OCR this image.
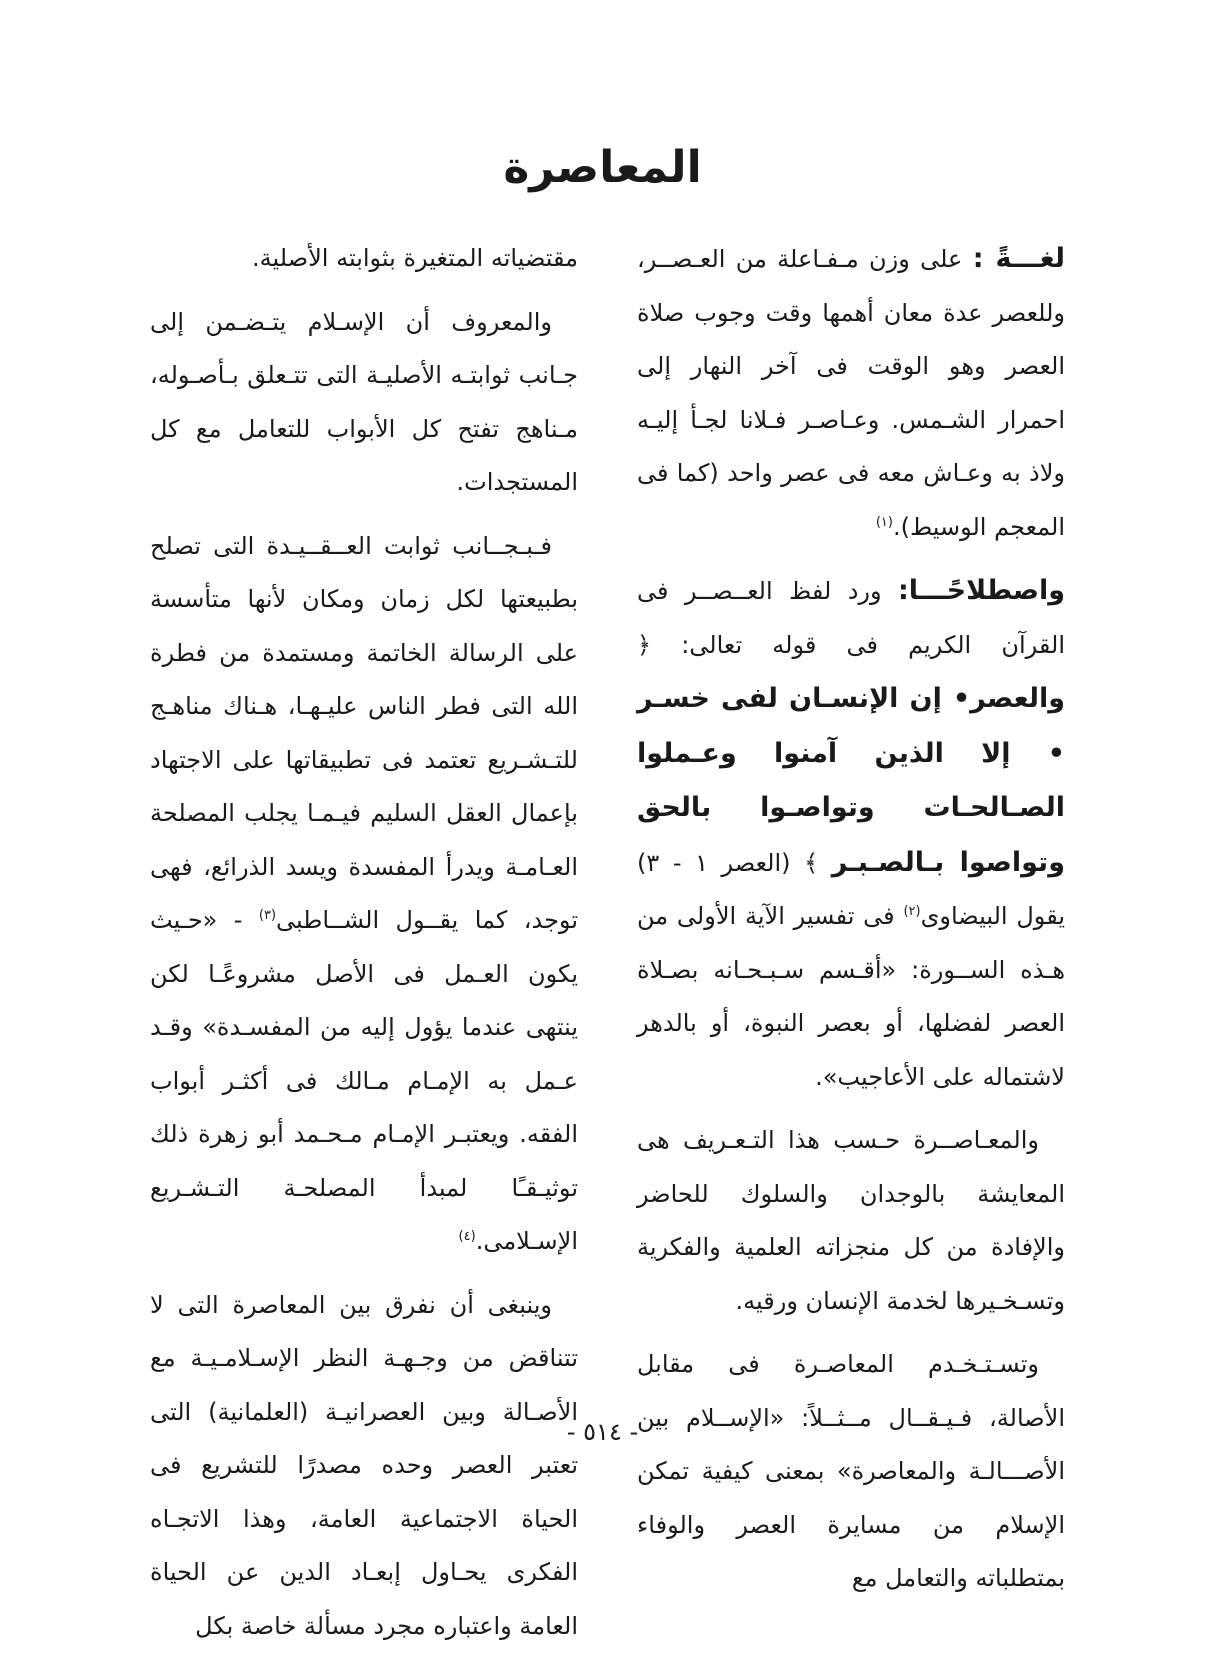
المعاصرة

لغـــةً : على وزن مـفـاعلة من العـصــر، وللعصر عدة معان أهمها وقت وجوب صلاة العصر وهو الوقت فى آخر النهار إلى احمرار الشـمس. وعـاصـر فـلانا لجـأ إليـه ولاذ به وعـاش معه فى عصر واحد (كما فى المعجم الوسيط).$^{(١)}$

واصطلاحًـــا: ورد لفظ العــصــر فى القرآن الكريم فى قوله تعالى: ﴿ والعصر• إن الإنسـان لفى خسـر • إلا الذين آمنوا وعـملوا الصـالحـات وتواصـوا بالحق وتواصوا بـالصـبـر ﴾ (العصر ١ - ٣) يقول البيضاوى$^{(٢)}$ فى تفسير الآية الأولى من هـذه الســورة: «أقـسم سـبـحـانه بصـلاة العصر لفضلها، أو بعصر النبوة، أو بالدهر لاشتماله على الأعاجيب».

والمعـاصــرة حـسب هذا التـعـريف هى المعايشة بالوجدان والسلوك للحاضر والإفادة من كل منجزاته العلمية والفكرية وتسـخـيرها لخدمة الإنسان ورقيه.

وتسـتـخـدم المعاصـرة فى مقابل الأصالة، فـيـقــال مــثــلاً: «الإســلام بين الأصـــالـة والمعاصرة» بمعنى كيفية تمكن الإسلام من مسايرة العصر والوفاء بمتطلباته والتعامل مع

مقتضياته المتغيرة بثوابته الأصلية.

والمعروف أن الإسـلام يتـضـمن إلى جـانب ثوابتـه الأصليـة التى تتـعلق بـأصـوله، مـناهج تفتح كل الأبواب للتعامل مع كل المستجدات.

فـبـجــانب ثوابت العــقــيـدة التى تصلح بطبيعتها لكل زمان ومكان لأنها متأسسة على الرسالة الخاتمة ومستمدة من فطرة الله التى فطر الناس عليـهـا، هـناك مناهـج للتـشـريع تعتمد فى تطبيقاتها على الاجتهاد بإعمال العقل السليم فيـمـا يجلب المصلحة العـامـة ويدرأ المفسدة ويسد الذرائع، فهى توجد، كما يقــول الشــاطبى$^{(٣)}$ - «حـيث يكون العـمل فى الأصل مشروعًـا لكن ينتهى عندما يؤول إليه من المفسـدة» وقـد عـمل به الإمـام مـالك فى أكثـر أبواب الفقه. ويعتبـر الإمـام مـحـمد أبو زهرة ذلك توثيـقـًا لمبدأ المصلحـة التـشـريع الإسـلامى.$^{(٤)}$

وينبغى أن نفرق بين المعاصرة التى لا تتناقض من وجـهـة النظر الإسـلامـيـة مع الأصـالة وبين العصرانيـة (العلمانية) التى تعتبر العصر وحده مصدرًا للتشريع فى الحياة الاجتماعية العامة، وهذا الاتجـاه الفكرى يحـاول إبعـاد الدين عن الحياة العامة واعتباره مجرد مسألة خاصة بكل

- ٥١٤ -
